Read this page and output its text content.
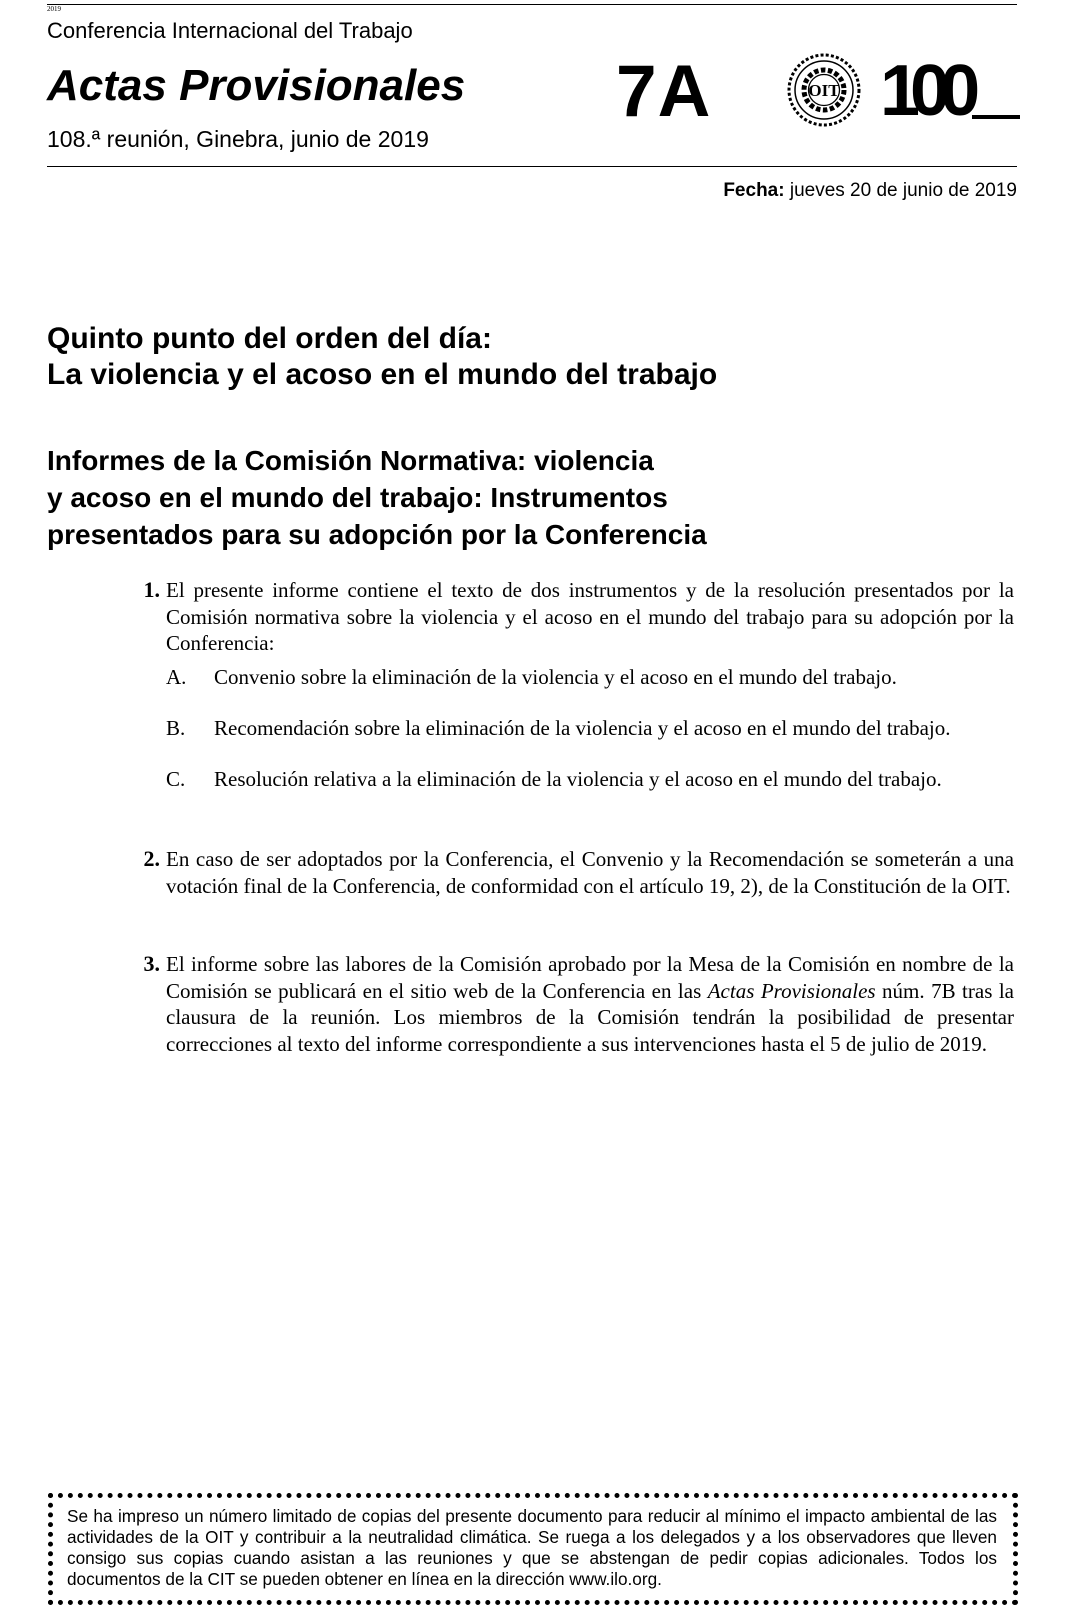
2019
Conferencia Internacional del Trabajo
Actas Provisionales
108.ª reunión, Ginebra, junio de 2019
7A	OIT 100
Fecha: jueves 20 de junio de 2019
Quinto punto del orden del día:
La violencia y el acoso en el mundo del trabajo
Informes de la Comisión Normativa: violencia
y acoso en el mundo del trabajo: Instrumentos
presentados para su adopción por la Conferencia
1. El presente informe contiene el texto de dos instrumentos y de la resolución presentados por la Comisión normativa sobre la violencia y el acoso en el mundo del trabajo para su adopción por la Conferencia:
A. Convenio sobre la eliminación de la violencia y el acoso en el mundo del trabajo.
B. Recomendación sobre la eliminación de la violencia y el acoso en el mundo del trabajo.
C. Resolución relativa a la eliminación de la violencia y el acoso en el mundo del trabajo.
2. En caso de ser adoptados por la Conferencia, el Convenio y la Recomendación se someterán a una votación final de la Conferencia, de conformidad con el artículo 19, 2), de la Constitución de la OIT.
3. El informe sobre las labores de la Comisión aprobado por la Mesa de la Comisión en nombre de la Comisión se publicará en el sitio web de la Conferencia en las Actas Provisionales núm. 7B tras la clausura de la reunión. Los miembros de la Comisión tendrán la posibilidad de presentar correcciones al texto del informe correspondiente a sus intervenciones hasta el 5 de julio de 2019.
Se ha impreso un número limitado de copias del presente documento para reducir al mínimo el impacto ambiental de las actividades de la OIT y contribuir a la neutralidad climática. Se ruega a los delegados y a los observadores que lleven consigo sus copias cuando asistan a las reuniones y que se abstengan de pedir copias adicionales. Todos los documentos de la CIT se pueden obtener en línea en la dirección www.ilo.org.
